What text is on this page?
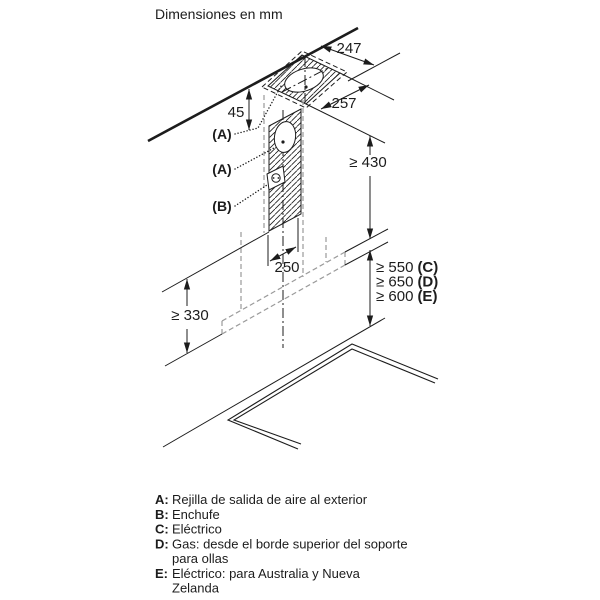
Dimensiones en mm
45
247
257
≥ 430
250
≥ 330
≥ 550 (C)
≥ 650 (D)
≥ 600 (E)
(A)
(A)
(B)
A: Rejilla de salida de aire al exterior
B: Enchufe
C: Eléctrico
D: Gas: desde el borde superior del soporte
para ollas
E: Eléctrico: para Australia y Nueva
Zelanda
